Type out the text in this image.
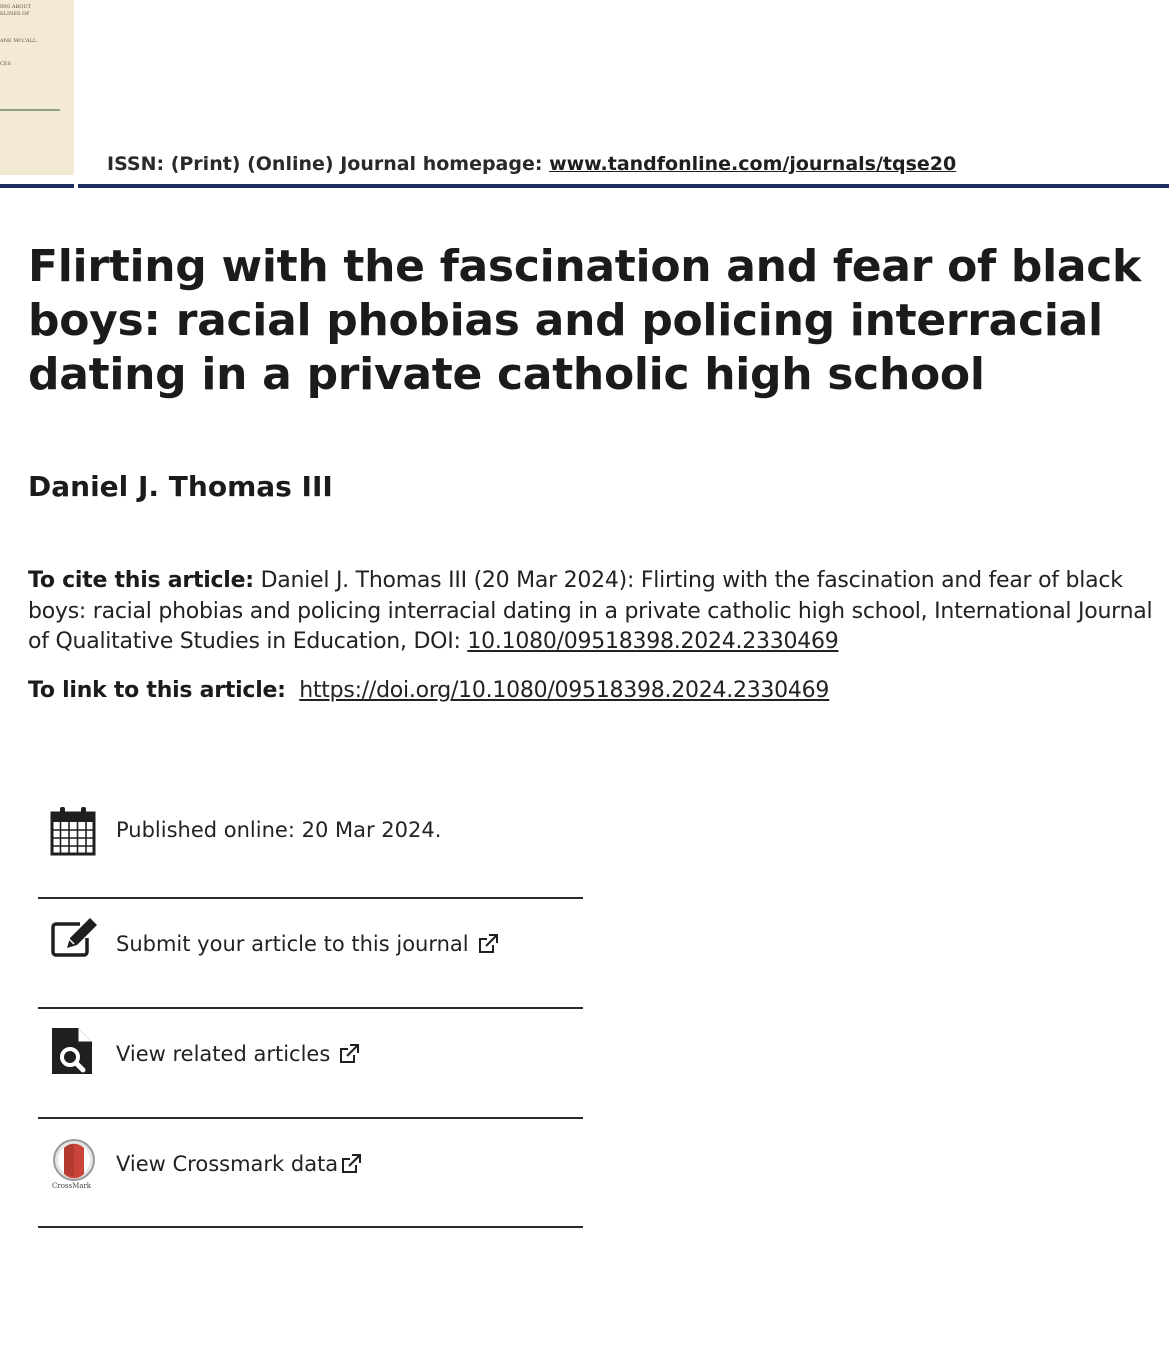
ING ABOUT
ELINES OF
ANE MCCALL,
CES
ISSN: (Print) (Online) Journal homepage: www.tandfonline.com/journals/tqse20
Flirting with the fascination and fear of black boys: racial phobias and policing interracial dating in a private catholic high school
Daniel J. Thomas III
To cite this article: Daniel J. Thomas III (20 Mar 2024): Flirting with the fascination and fear of black boys: racial phobias and policing interracial dating in a private catholic high school, International Journal of Qualitative Studies in Education, DOI: 10.1080/09518398.2024.2330469
To link to this article: https://doi.org/10.1080/09518398.2024.2330469
Published online: 20 Mar 2024.
Submit your article to this journal
View related articles
View Crossmark data
CrossMark
